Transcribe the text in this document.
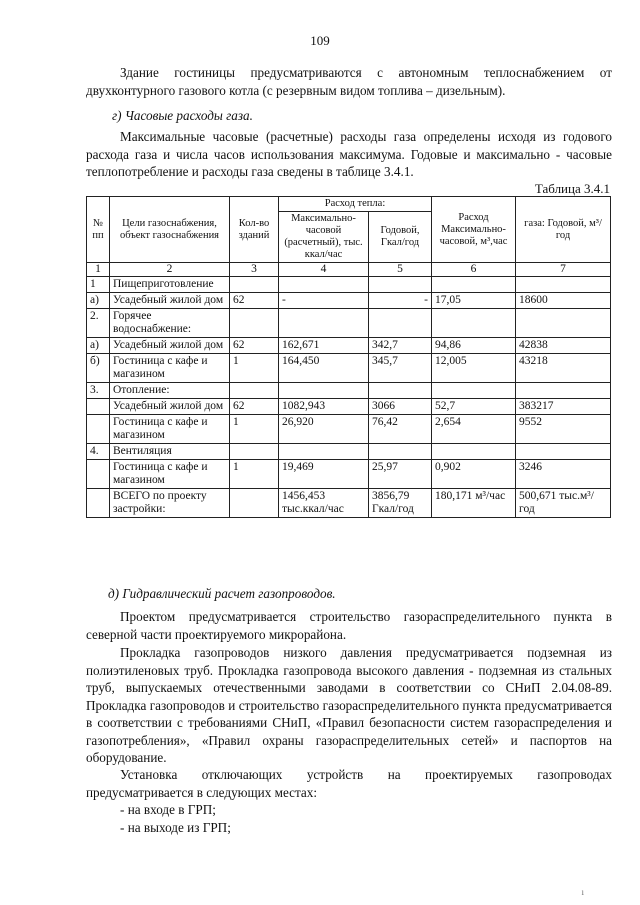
109

Здание гостиницы предусматриваются с автономным теплоснабжением от двухконтурного газового котла (с резервным видом топлива – дизельным).

г) Часовые расходы газа.

Максимальные часовые (расчетные) расходы газа определены исходя из годового расхода газа и числа часов использования максимума. Годовые и максимально - часовые теплопотребление и расходы газа сведены в таблице 3.4.1.

Таблица 3.4.1
№ пп	Цели газоснабжения, объект газоснабжения	Кол-во зданий	Расход тепла:		Расход Максимально-часовой, м³,час	газа: Годовой, м³/год
			Максимально-часовой (расчетный), тыс. ккал/час	Годовой, Гкал/год		
1	2	3	4	5	6	7
1	Пищеприготовление					
а)	Усадебный жилой дом	62	-	-	17,05	18600
2.	Горячее водоснабжение:					
а)	Усадебный жилой дом	62	162,671	342,7	94,86	42838
б)	Гостиница с кафе и магазином	1	164,450	345,7	12,005	43218
3.	Отопление:					
	Усадебный жилой дом	62	1082,943	3066	52,7	383217
	Гостиница с кафе и магазином	1	26,920	76,42	2,654	9552
4.	Вентиляция					
	Гостиница с кафе и магазином	1	19,469	25,97	0,902	3246
	ВСЕГО по проекту застройки:		1456,453 тыс.ккал/час	3856,79 Гкал/год	180,171 м³/час	500,671 тыс.м³/год

д) Гидравлический расчет газопроводов.

Проектом предусматривается строительство газораспределительного пункта в северной части проектируемого микрорайона.

Прокладка газопроводов низкого давления предусматривается подземная из полиэтиленовых труб. Прокладка газопровода высокого давления - подземная из стальных труб, выпускаемых отечественными заводами в соответствии со СНиП 2.04.08-89. Прокладка газопроводов и строительство газораспределительного пункта предусматривается в соответствии с требованиями СНиП, «Правил безопасности систем газораспределения и газопотребления», «Правил охраны газораспределительных сетей» и паспортов на оборудование.

Установка отключающих устройств на проектируемых газопроводах предусматривается в следующих местах:

- на входе в ГРП;

- на выходе из ГРП;

ı
